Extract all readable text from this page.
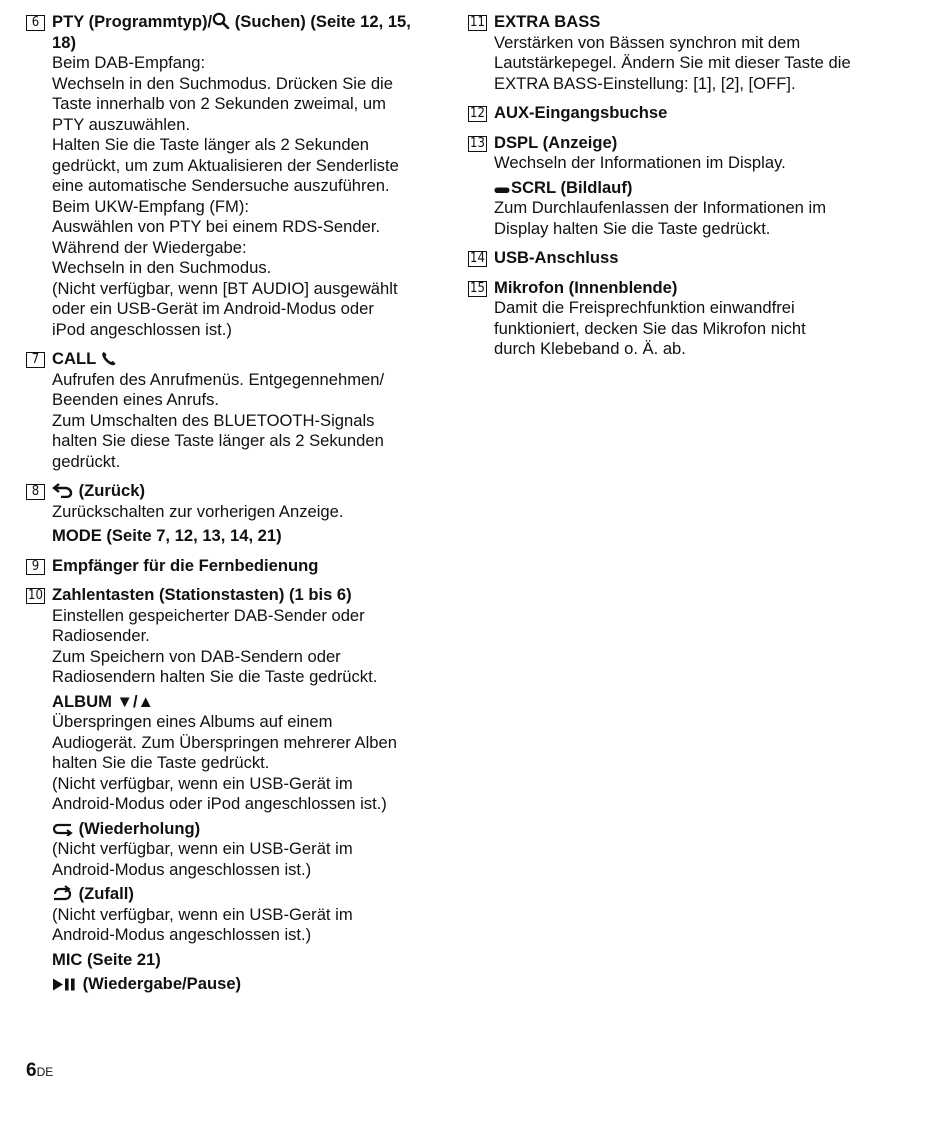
6 PTY (Programmtyp)/
(Suchen) (Seite 12, 15,
18)
Beim DAB-Empfang:
Wechseln in den Suchmodus. Drücken Sie die
Taste innerhalb von 2 Sekunden zweimal, um
PTY auszuwählen.
Halten Sie die Taste länger als 2 Sekunden
gedrückt, um zum Aktualisieren der Senderliste
eine automatische Sendersuche auszuführen.
Beim UKW-Empfang (FM):
Auswählen von PTY bei einem RDS-Sender.
Während der Wiedergabe:
Wechseln in den Suchmodus.
(Nicht verfügbar, wenn [BT AUDIO] ausgewählt
oder ein USB-Gerät im Android-Modus oder
iPod angeschlossen ist.)
7 CALL
Aufrufen des Anrufmenüs. Entgegennehmen/
Beenden eines Anrufs.
Zum Umschalten des BLUETOOTH-Signals
halten Sie diese Taste länger als 2 Sekunden
gedrückt.
8	(Zurück)
Zurückschalten zur vorherigen Anzeige.
MODE (Seite 7, 12, 13, 14, 21)
9 Empfänger für die Fernbedienung
10 Zahlentasten (Stationstasten) (1 bis 6)
Einstellen gespeicherter DAB-Sender oder
Radiosender.
Zum Speichern von DAB-Sendern oder
Radiosendern halten Sie die Taste gedrückt.
ALBUM ▼/▲
Überspringen eines Albums auf einem
Audiogerät. Zum Überspringen mehrerer Alben
halten Sie die Taste gedrückt.
(Nicht verfügbar, wenn ein USB-Gerät im
Android-Modus oder iPod angeschlossen ist.)
(Wiederholung)
(Nicht verfügbar, wenn ein USB-Gerät im
Android-Modus angeschlossen ist.)
(Zufall)
(Nicht verfügbar, wenn ein USB-Gerät im
Android-Modus angeschlossen ist.)
MIC (Seite 21)
(Wiedergabe/Pause)
11 EXTRA BASS
Verstärken von Bässen synchron mit dem
Lautstärkepegel. Ändern Sie mit dieser Taste die
EXTRA BASS-Einstellung: [1], [2], [OFF].
12 AUX-Eingangsbuchse
13 DSPL (Anzeige)
Wechseln der Informationen im Display.
SCRL (Bildlauf)
Zum Durchlaufenlassen der Informationen im
Display halten Sie die Taste gedrückt.
14 USB-Anschluss
15 Mikrofon (Innenblende)
Damit die Freisprechfunktion einwandfrei
funktioniert, decken Sie das Mikrofon nicht
durch Klebeband o. Ä. ab.
6DE
